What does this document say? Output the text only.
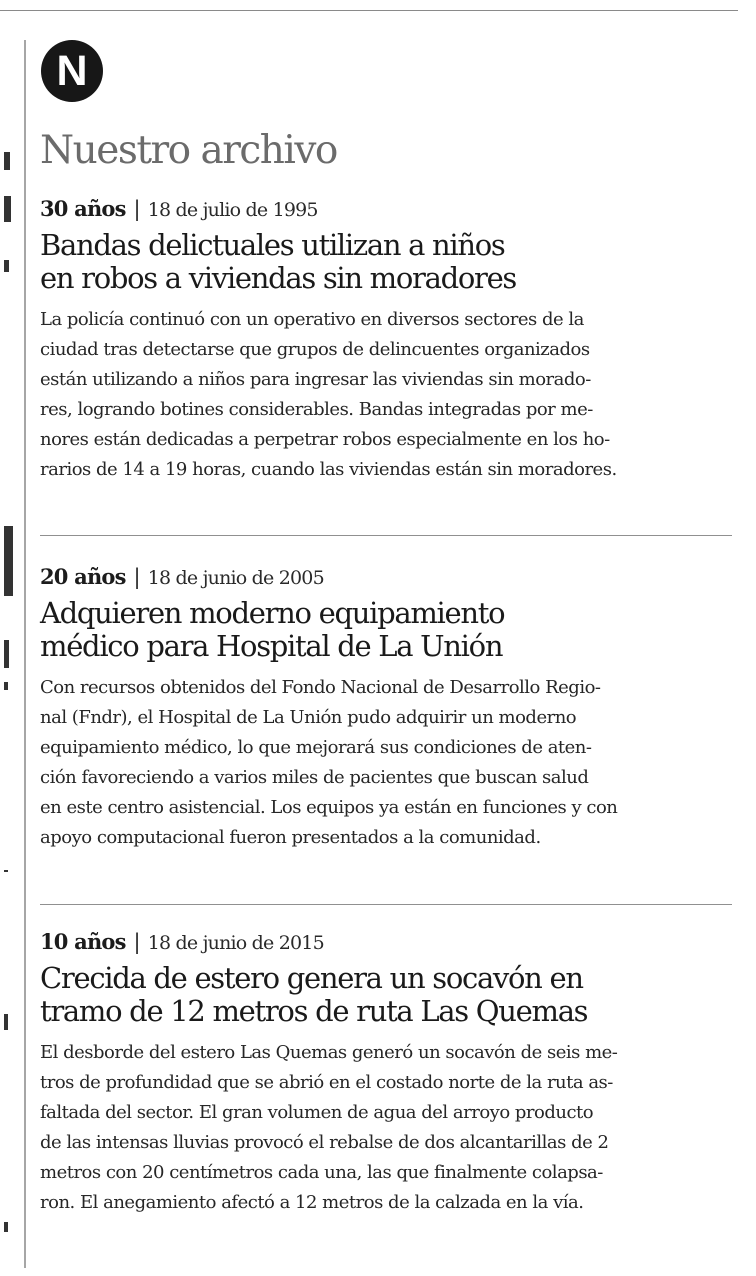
N
Nuestro archivo
30 años | 18 de julio de 1995
Bandas delictuales utilizan a niños
en robos a viviendas sin moradores
La policía continuó con un operativo en diversos sectores de la
ciudad tras detectarse que grupos de delincuentes organizados
están utilizando a niños para ingresar las viviendas sin morado-
res, logrando botines considerables. Bandas integradas por me-
nores están dedicadas a perpetrar robos especialmente en los ho-
rarios de 14 a 19 horas, cuando las viviendas están sin moradores.
20 años | 18 de junio de 2005
Adquieren moderno equipamiento
médico para Hospital de La Unión
Con recursos obtenidos del Fondo Nacional de Desarrollo Regio-
nal (Fndr), el Hospital de La Unión pudo adquirir un moderno
equipamiento médico, lo que mejorará sus condiciones de aten-
ción favoreciendo a varios miles de pacientes que buscan salud
en este centro asistencial. Los equipos ya están en funciones y con
apoyo computacional fueron presentados a la comunidad.
10 años | 18 de junio de 2015
Crecida de estero genera un socavón en
tramo de 12 metros de ruta Las Quemas
El desborde del estero Las Quemas generó un socavón de seis me-
tros de profundidad que se abrió en el costado norte de la ruta as-
faltada del sector. El gran volumen de agua del arroyo producto
de las intensas lluvias provocó el rebalse de dos alcantarillas de 2
metros con 20 centímetros cada una, las que finalmente colapsa-
ron. El anegamiento afectó a 12 metros de la calzada en la vía.
